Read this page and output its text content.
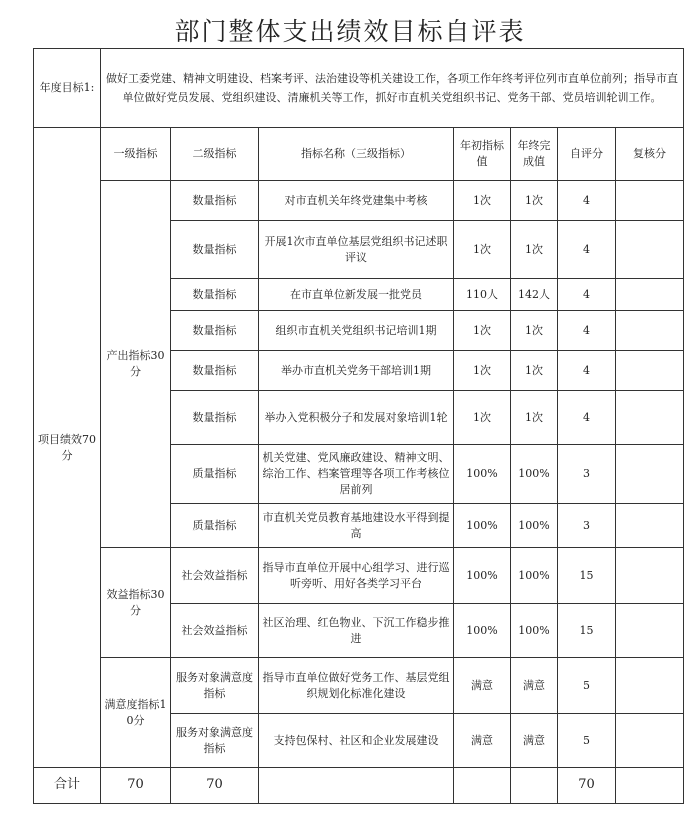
部门整体支出绩效目标自评表
年度目标1:	做好工委党建、精神文明建设、档案考评、法治建设等机关建设工作，各项工作年终考评位列市直单位前列；指导市直单位做好党员发展、党组织建设、清廉机关等工作，抓好市直机关党组织书记、党务干部、党员培训轮训工作。						
项目绩效70分	一级指标	二级指标	指标名称（三级指标）	年初指标值	年终完成值	自评分	复核分
	产出指标30分	数量指标	对市直机关年终党建集中考核	1次	1次	4	
		数量指标	开展1次市直单位基层党组织书记述职评议	1次	1次	4	
		数量指标	在市直单位新发展一批党员	110人	142人	4	
		数量指标	组织市直机关党组织书记培训1期	1次	1次	4	
		数量指标	举办市直机关党务干部培训1期	1次	1次	4	
		数量指标	举办入党积极分子和发展对象培训1轮	1次	1次	4	
		质量指标	机关党建、党风廉政建设、精神文明、综治工作、档案管理等各项工作考核位居前列	100%	100%	3	
		质量指标	市直机关党员教育基地建设水平得到提高	100%	100%	3	
	效益指标30分	社会效益指标	指导市直单位开展中心组学习、进行巡听旁听、用好各类学习平台	100%	100%	15	
		社会效益指标	社区治理、红色物业、下沉工作稳步推进	100%	100%	15	
	满意度指标10分	服务对象满意度指标	指导市直单位做好党务工作、基层党组织规划化标准化建设	满意	满意	5	
		服务对象满意度指标	支持包保村、社区和企业发展建设	满意	满意	5	
合计	70	70				70	
